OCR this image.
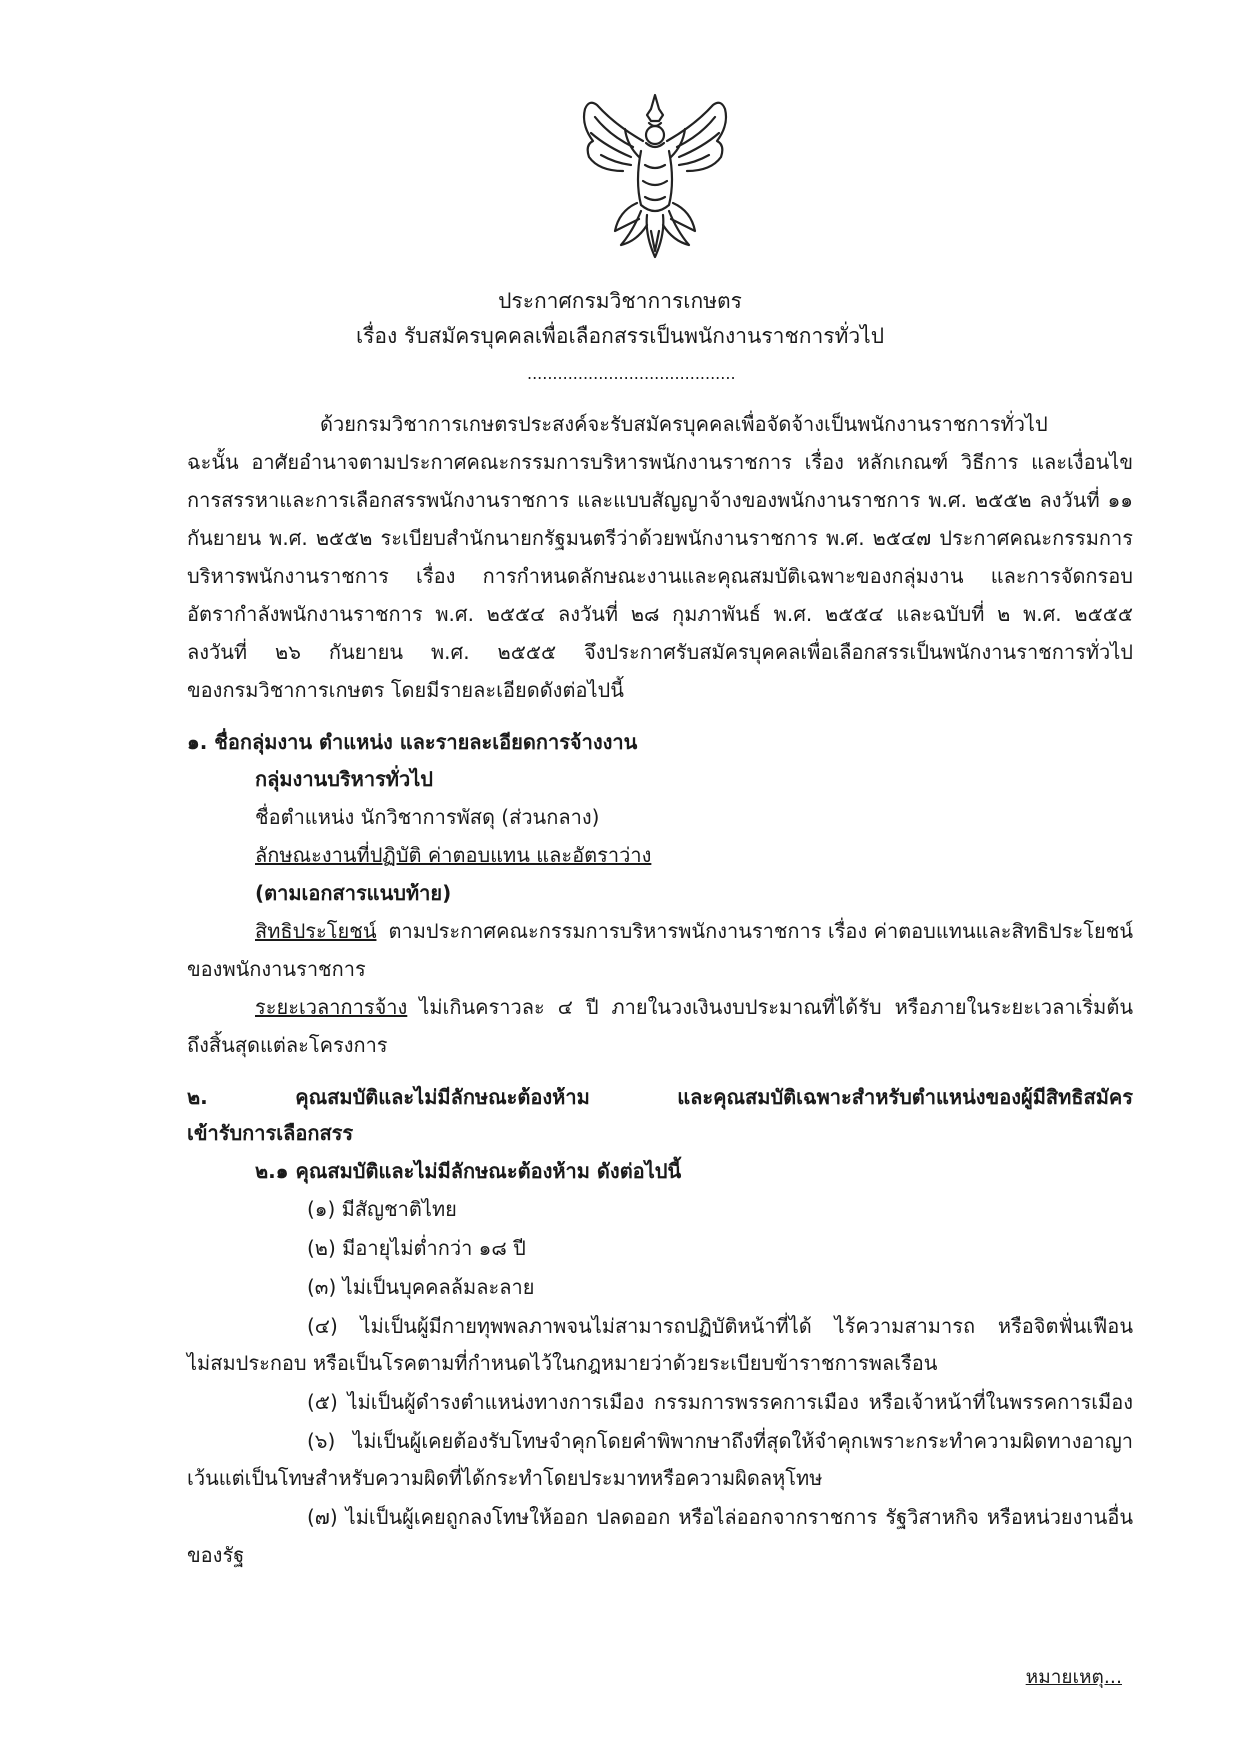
ประกาศกรมวิชาการเกษตร
เรื่อง รับสมัครบุคคลเพื่อเลือกสรรเป็นพนักงานราชการทั่วไป
.........................................
ด้วยกรมวิชาการเกษตรประสงค์จะรับสมัครบุคคลเพื่อจัดจ้างเป็นพนักงานราชการทั่วไป
ฉะนั้น อาศัยอำนาจตามประกาศคณะกรรมการบริหารพนักงานราชการ เรื่อง หลักเกณฑ์ วิธีการ และเงื่อนไข
การสรรหาและการเลือกสรรพนักงานราชการ และแบบสัญญาจ้างของพนักงานราชการ พ.ศ. ๒๕๕๒ ลงวันที่ ๑๑
กันยายน พ.ศ. ๒๕๕๒ ระเบียบสำนักนายกรัฐมนตรีว่าด้วยพนักงานราชการ พ.ศ. ๒๕๔๗ ประกาศคณะกรรมการ
บริหารพนักงานราชการ เรื่อง การกำหนดลักษณะงานและคุณสมบัติเฉพาะของกลุ่มงาน และการจัดกรอบ
อัตรากำลังพนักงานราชการ พ.ศ. ๒๕๕๔ ลงวันที่ ๒๘ กุมภาพันธ์ พ.ศ. ๒๕๕๔ และฉบับที่ ๒ พ.ศ. ๒๕๕๕
ลงวันที่ ๒๖ กันยายน พ.ศ. ๒๕๕๕ จึงประกาศรับสมัครบุคคลเพื่อเลือกสรรเป็นพนักงานราชการทั่วไป
ของกรมวิชาการเกษตร โดยมีรายละเอียดดังต่อไปนี้
๑. ชื่อกลุ่มงาน ตำแหน่ง และรายละเอียดการจ้างงาน
กลุ่มงานบริหารทั่วไป
ชื่อตำแหน่ง นักวิชาการพัสดุ (ส่วนกลาง)
ลักษณะงานที่ปฏิบัติ ค่าตอบแทน และอัตราว่าง
(ตามเอกสารแนบท้าย)
สิทธิประโยชน์ ตามประกาศคณะกรรมการบริหารพนักงานราชการ เรื่อง ค่าตอบแทนและสิทธิประโยชน์
ของพนักงานราชการ
ระยะเวลาการจ้าง ไม่เกินคราวละ ๔ ปี ภายในวงเงินงบประมาณที่ได้รับ หรือภายในระยะเวลาเริ่มต้น
ถึงสิ้นสุดแต่ละโครงการ
๒. คุณสมบัติและไม่มีลักษณะต้องห้าม และคุณสมบัติเฉพาะสำหรับตำแหน่งของผู้มีสิทธิสมัคร
เข้ารับการเลือกสรร
๒.๑ คุณสมบัติและไม่มีลักษณะต้องห้าม ดังต่อไปนี้
(๑) มีสัญชาติไทย
(๒) มีอายุไม่ต่ำกว่า ๑๘ ปี
(๓) ไม่เป็นบุคคลล้มละลาย
(๔) ไม่เป็นผู้มีกายทุพพลภาพจนไม่สามารถปฏิบัติหน้าที่ได้ ไร้ความสามารถ หรือจิตฟั่นเฟือน
ไม่สมประกอบ หรือเป็นโรคตามที่กำหนดไว้ในกฎหมายว่าด้วยระเบียบข้าราชการพลเรือน
(๕) ไม่เป็นผู้ดำรงตำแหน่งทางการเมือง กรรมการพรรคการเมือง หรือเจ้าหน้าที่ในพรรคการเมือง
(๖) ไม่เป็นผู้เคยต้องรับโทษจำคุกโดยคำพิพากษาถึงที่สุดให้จำคุกเพราะกระทำความผิดทางอาญา
เว้นแต่เป็นโทษสำหรับความผิดที่ได้กระทำโดยประมาทหรือความผิดลหุโทษ
(๗) ไม่เป็นผู้เคยถูกลงโทษให้ออก ปลดออก หรือไล่ออกจากราชการ รัฐวิสาหกิจ หรือหน่วยงานอื่น
ของรัฐ
หมายเหตุ...
